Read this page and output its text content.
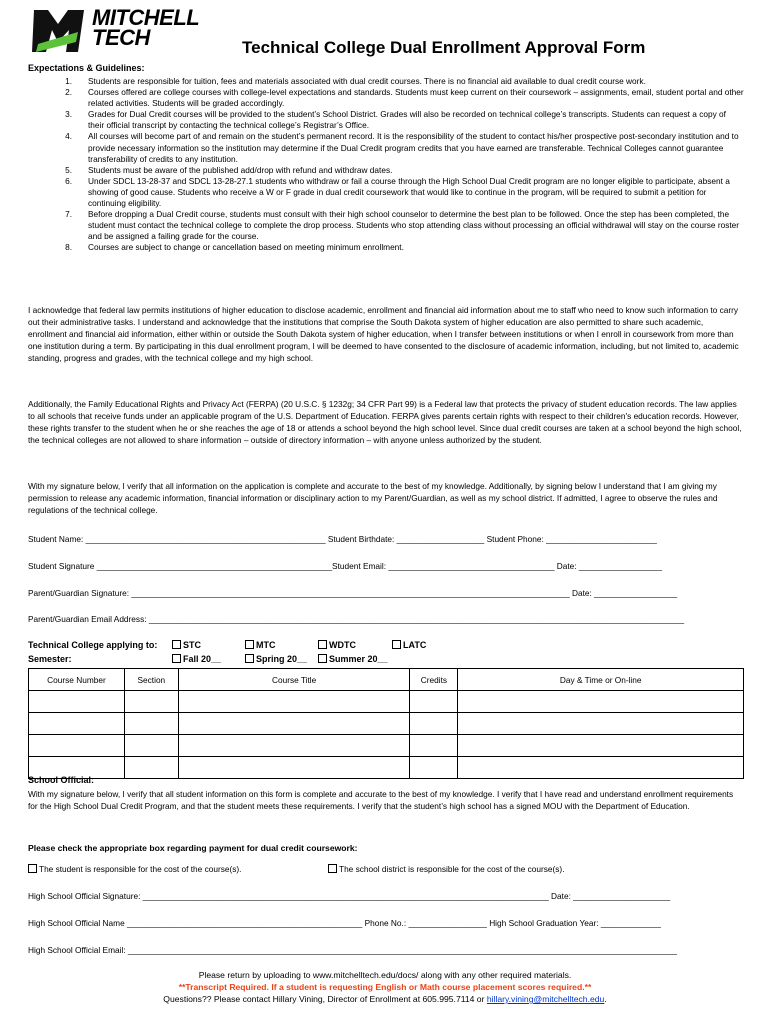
MITCHELL
TECH	Technical College Dual Enrollment Approval Form
Expectations & Guidelines:
1.	Students are responsible for tuition, fees and materials associated with dual credit courses. There is no financial aid available to dual credit course work.
2.	Courses offered are college courses with college-level expectations and standards. Students must keep current on their coursework – assignments, email, student portal and other related activities. Students will be graded accordingly.
3.	Grades for Dual Credit courses will be provided to the student’s School District. Grades will also be recorded on technical college’s transcripts. Students can request a copy of their official transcript by contacting the technical college’s Registrar’s Office.
4.	All courses will become part of and remain on the student’s permanent record. It is the responsibility of the student to contact his/her prospective post-secondary institution and to provide necessary information so the institution may determine if the Dual Credit program credits that you have earned are transferable. Technical Colleges cannot guarantee transferability of credits to any institution.
5.	Students must be aware of the published add/drop with refund and withdraw dates.
6.	Under SDCL 13-28-37 and SDCL 13-28-27.1 students who withdraw or fail a course through the High School Dual Credit program are no longer eligible to participate, absent a showing of good cause. Students who receive a W or F grade in dual credit coursework that would like to continue in the program, will be required to submit a petition for continuing eligibility.
7.	Before dropping a Dual Credit course, students must consult with their high school counselor to determine the best plan to be followed. Once the step has been completed, the student must contact the technical college to complete the drop process. Students who stop attending class without processing an official withdrawal will stay on the course roster and be assigned a failing grade for the course.
8.	Courses are subject to change or cancellation based on meeting minimum enrollment.
I acknowledge that federal law permits institutions of higher education to disclose academic, enrollment and financial aid information about me to staff who need to know such information to carry out their administrative tasks. I understand and acknowledge that the institutions that comprise the South Dakota system of higher education are also permitted to share such academic, enrollment and financial aid information, either within or outside the South Dakota system of higher education, when I transfer between institutions or when I enroll in coursework from more than one institution during a term. By participating in this dual enrollment program, I will be deemed to have consented to the disclosure of academic information, including, but not limited to, academic standing, progress and grades, with the technical college and my high school.
Additionally, the Family Educational Rights and Privacy Act (FERPA) (20 U.S.C. § 1232g; 34 CFR Part 99) is a Federal law that protects the privacy of student education records. The law applies to all schools that receive funds under an applicable program of the U.S. Department of Education. FERPA gives parents certain rights with respect to their children's education records. However, these rights transfer to the student when he or she reaches the age of 18 or attends a school beyond the high school level. Since dual credit courses are taken at a school beyond the high school, the technical colleges are not allowed to share information – outside of directory information – with anyone unless authorized by the student.
With my signature below, I verify that all information on the application is complete and accurate to the best of my knowledge. Additionally, by signing below I understand that I am giving my permission to release any academic information, financial information or disciplinary action to my Parent/Guardian, as well as my school district. If admitted, I agree to observe the rules and regulations of the technical college.
Student Name: ____________________________________________________ Student Birthdate: ___________________ Student Phone: ________________________
Student Signature ___________________________________________________Student Email: ____________________________________ Date: __________________
Parent/Guardian Signature: _______________________________________________________________________________________________ Date: __________________
Parent/Guardian Email Address: ____________________________________________________________________________________________________________________
Technical College applying to:	STC	MTC	WDTC	LATC
Semester:	Fall 20__	Spring 20__	Summer 20__
Course Number	Section	Course Title	Credits	Day & Time or On-line

School Official:
With my signature below, I verify that all student information on this form is complete and accurate to the best of my knowledge. I verify that I have read and understand enrollment requirements for the High School Dual Credit Program, and that the student meets these requirements. I verify that the student’s high school has a signed MOU with the Department of Education.
Please check the appropriate box regarding payment for dual credit coursework:
The student is responsible for the cost of the course(s).	The school district is responsible for the cost of the course(s).
High School Official Signature: ________________________________________________________________________________________ Date: _____________________
High School Official Name ___________________________________________________ Phone No.: _________________ High School Graduation Year: _____________
High School Official Email: _______________________________________________________________________________________________________________________
Please return by uploading to www.mitchelltech.edu/docs/ along with any other required materials.
**Transcript Required. If a student is requesting English or Math course placement scores required.**
Questions?? Please contact Hillary Vining, Director of Enrollment at 605.995.7114 or hillary.vining@mitchelltech.edu.
